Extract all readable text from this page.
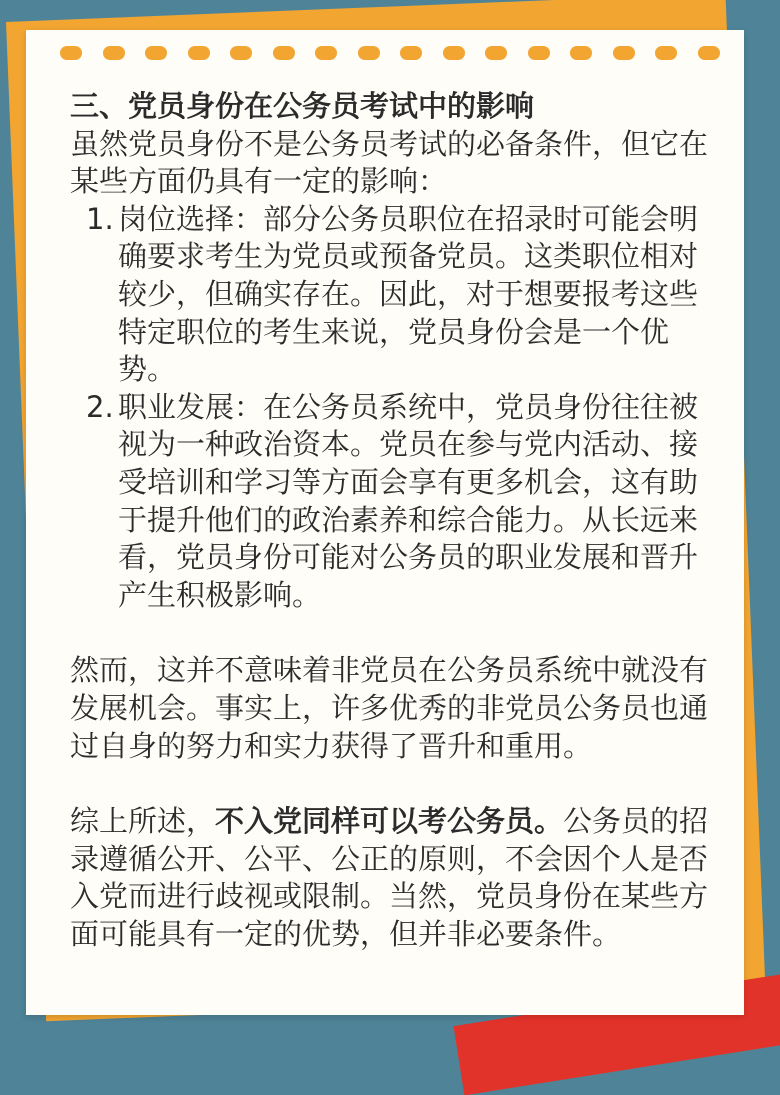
三、党员身份在公务员考试中的影响

虽然党员身份不是公务员考试的必备条件，但它在某些方面仍具有一定的影响：

1. 岗位选择：部分公务员职位在招录时可能会明确要求考生为党员或预备党员。这类职位相对较少，但确实存在。因此，对于想要报考这些特定职位的考生来说，党员身份会是一个优势。
2. 职业发展：在公务员系统中，党员身份往往被视为一种政治资本。党员在参与党内活动、接受培训和学习等方面会享有更多机会，这有助于提升他们的政治素养和综合能力。从长远来看，党员身份可能对公务员的职业发展和晋升产生积极影响。

然而，这并不意味着非党员在公务员系统中就没有发展机会。事实上，许多优秀的非党员公务员也通过自身的努力和实力获得了晋升和重用。

综上所述，不入党同样可以考公务员。公务员的招录遵循公开、公平、公正的原则，不会因个人是否入党而进行歧视或限制。当然，党员身份在某些方面可能具有一定的优势，但并非必要条件。
